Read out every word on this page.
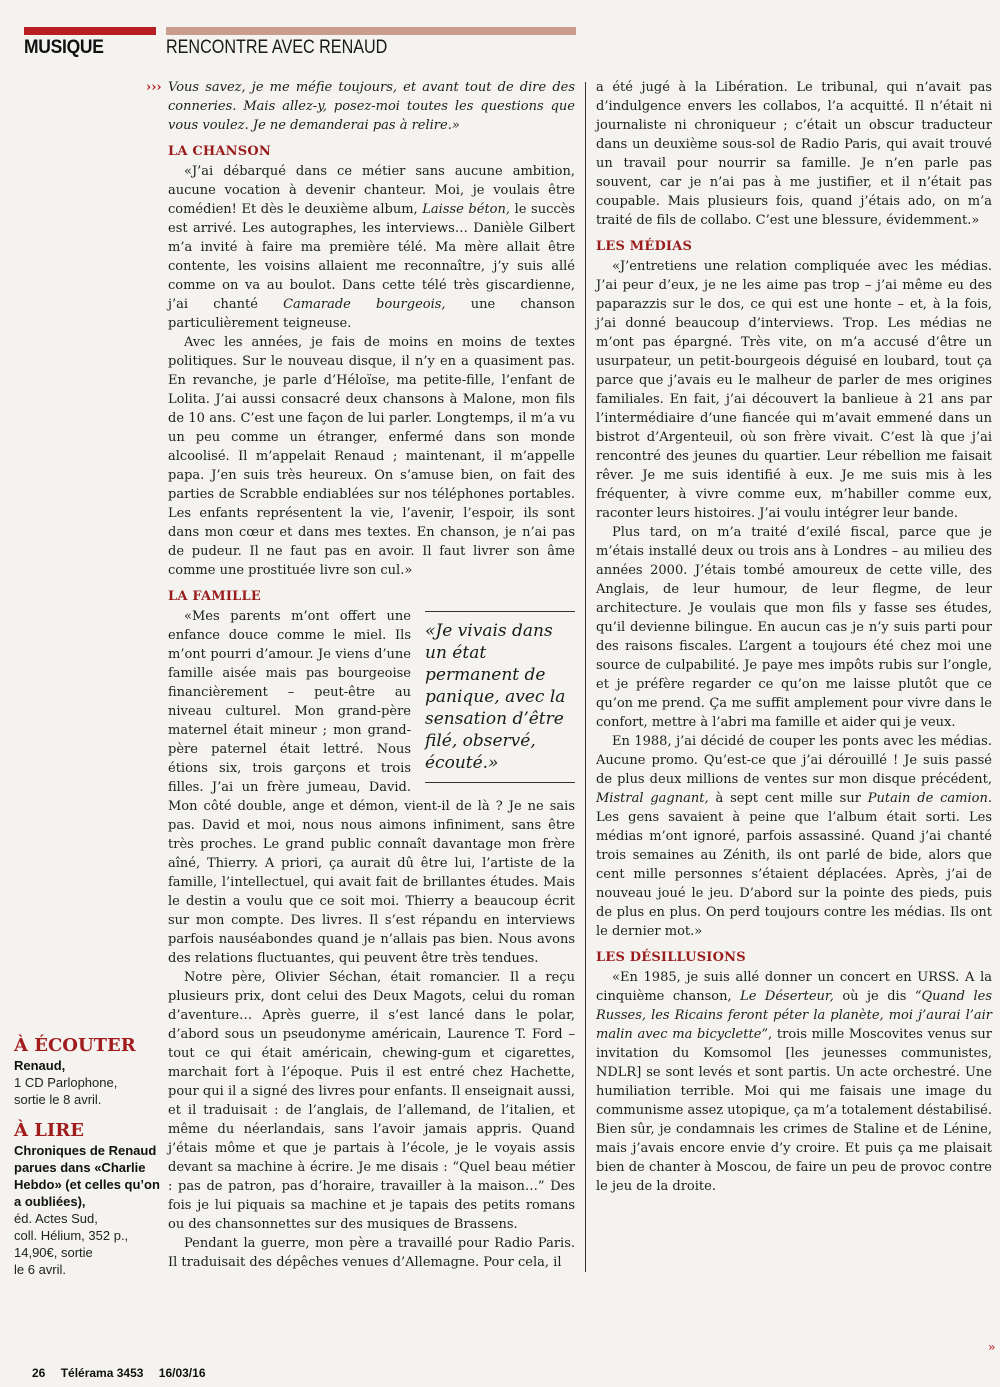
MUSIQUE	RENCONTRE AVEC RENAUD

››› Vous savez, je me méfie toujours, et avant tout de dire des conneries. Mais allez-y, posez-moi toutes les questions que vous voulez. Je ne demanderai pas à relire.»

LA CHANSON

«J’ai débarqué dans ce métier sans aucune ambition, aucune vocation à devenir chanteur. Moi, je voulais être comédien! Et dès le deuxième album, Laisse béton, le succès est arrivé. Les autographes, les interviews… Danièle Gilbert m’a invité à faire ma première télé. Ma mère allait être contente, les voisins allaient me reconnaître, j’y suis allé comme on va au boulot. Dans cette télé très giscardienne, j’ai chanté Camarade bourgeois, une chanson particulièrement teigneuse.

Avec les années, je fais de moins en moins de textes politiques. Sur le nouveau disque, il n’y en a quasiment pas. En revanche, je parle d’Héloïse, ma petite-fille, l’enfant de Lolita. J’ai aussi consacré deux chansons à Malone, mon fils de 10 ans. C’est une façon de lui parler. Longtemps, il m’a vu un peu comme un étranger, enfermé dans son monde alcoolisé. Il m’appelait Renaud ; maintenant, il m’appelle papa. J’en suis très heureux. On s’amuse bien, on fait des parties de Scrabble endiablées sur nos téléphones portables. Les enfants représentent la vie, l’avenir, l’espoir, ils sont dans mon cœur et dans mes textes. En chanson, je n’ai pas de pudeur. Il ne faut pas en avoir. Il faut livrer son âme comme une prostituée livre son cul.»

LA FAMILLE
«Je vivais dans un état permanent de panique, avec la sensation d’être filé, observé, écouté.»

«Mes parents m’ont offert une enfance douce comme le miel. Ils m’ont pourri d’amour. Je viens d’une famille aisée mais pas bourgeoise financièrement – peut-être au niveau culturel. Mon grand-père maternel était mineur ; mon grand-père paternel était lettré. Nous étions six, trois garçons et trois filles. J’ai un frère jumeau, David. Mon côté double, ange et démon, vient-il de là ? Je ne sais pas. David et moi, nous nous aimons infiniment, sans être très proches. Le grand public connaît davantage mon frère aîné, Thierry. A priori, ça aurait dû être lui, l’artiste de la famille, l’intellectuel, qui avait fait de brillantes études. Mais le destin a voulu que ce soit moi. Thierry a beaucoup écrit sur mon compte. Des livres. Il s’est répandu en interviews parfois nauséabondes quand je n’allais pas bien. Nous avons des relations fluctuantes, qui peuvent être très tendues.

Notre père, Olivier Séchan, était romancier. Il a reçu plusieurs prix, dont celui des Deux Magots, celui du roman d’aventure… Après guerre, il s’est lancé dans le polar, d’abord sous un pseudonyme américain, Laurence T. Ford – tout ce qui était américain, chewing-gum et cigarettes, marchait fort à l’époque. Puis il est entré chez Hachette, pour qui il a signé des livres pour enfants. Il enseignait aussi, et il traduisait : de l’anglais, de l’allemand, de l’italien, et même du néerlandais, sans l’avoir jamais appris. Quand j’étais môme et que je partais à l’école, je le voyais assis devant sa machine à écrire. Je me disais : “Quel beau métier : pas de patron, pas d’horaire, travailler à la maison…” Des fois je lui piquais sa machine et je tapais des petits romans ou des chansonnettes sur des musiques de Brassens.

Pendant la guerre, mon père a travaillé pour Radio Paris. Il traduisait des dépêches venues d’Allemagne. Pour cela, il

a été jugé à la Libération. Le tribunal, qui n’avait pas d’indulgence envers les collabos, l’a acquitté. Il n’était ni journaliste ni chroniqueur ; c’était un obscur traducteur dans un deuxième sous-sol de Radio Paris, qui avait trouvé un travail pour nourrir sa famille. Je n’en parle pas souvent, car je n’ai pas à me justifier, et il n’était pas coupable. Mais plusieurs fois, quand j’étais ado, on m’a traité de fils de collabo. C’est une blessure, évidemment.»

LES MÉDIAS

«J’entretiens une relation compliquée avec les médias. J’ai peur d’eux, je ne les aime pas trop – j’ai même eu des paparazzis sur le dos, ce qui est une honte – et, à la fois, j’ai donné beaucoup d’interviews. Trop. Les médias ne m’ont pas épargné. Très vite, on m’a accusé d’être un usurpateur, un petit-bourgeois déguisé en loubard, tout ça parce que j’avais eu le malheur de parler de mes origines familiales. En fait, j’ai découvert la banlieue à 21 ans par l’intermédiaire d’une fiancée qui m’avait emmené dans un bistrot d’Argenteuil, où son frère vivait. C’est là que j’ai rencontré des jeunes du quartier. Leur rébellion me faisait rêver. Je me suis identifié à eux. Je me suis mis à les fréquenter, à vivre comme eux, m’habiller comme eux, raconter leurs histoires. J’ai voulu intégrer leur bande.

Plus tard, on m’a traité d’exilé fiscal, parce que je m’étais installé deux ou trois ans à Londres – au milieu des années 2000. J’étais tombé amoureux de cette ville, des Anglais, de leur humour, de leur flegme, de leur architecture. Je voulais que mon fils y fasse ses études, qu’il devienne bilingue. En aucun cas je n’y suis parti pour des raisons fiscales. L’argent a toujours été chez moi une source de culpabilité. Je paye mes impôts rubis sur l’ongle, et je préfère regarder ce qu’on me laisse plutôt que ce qu’on me prend. Ça me suffit amplement pour vivre dans le confort, mettre à l’abri ma famille et aider qui je veux.

En 1988, j’ai décidé de couper les ponts avec les médias. Aucune promo. Qu’est-ce que j’ai dérouillé ! Je suis passé de plus deux millions de ventes sur mon disque précédent, Mistral gagnant, à sept cent mille sur Putain de camion. Les gens savaient à peine que l’album était sorti. Les médias m’ont ignoré, parfois assassiné. Quand j’ai chanté trois semaines au Zénith, ils ont parlé de bide, alors que cent mille personnes s’étaient déplacées. Après, j’ai de nouveau joué le jeu. D’abord sur la pointe des pieds, puis de plus en plus. On perd toujours contre les médias. Ils ont le dernier mot.»

LES DÉSILLUSIONS

«En 1985, je suis allé donner un concert en URSS. A la cinquième chanson, Le Déserteur, où je dis “Quand les Russes, les Ricains feront péter la planète, moi j’aurai l’air malin avec ma bicyclette”, trois mille Moscovites venus sur invitation du Komsomol [les jeunesses communistes, NDLR] se sont levés et sont partis. Un acte orchestré. Une humiliation terrible. Moi qui me faisais une image du communisme assez utopique, ça m’a totalement déstabilisé. Bien sûr, je condamnais les crimes de Staline et de Lénine, mais j’avais encore envie d’y croire. Et puis ça me plaisait bien de chanter à Moscou, de faire un peu de provoc contre le jeu de la droite.

À ÉCOUTER
Renaud,
1 CD Parlophone,
sortie le 8 avril.
À LIRE
Chroniques de Renaud parues dans «Charlie Hebdo» (et celles qu’on a oubliées),
éd. Actes Sud,
coll. Hélium, 352 p.,
14,90€, sortie
le 6 avril.
»
26 Télérama 3453 16/03/16
